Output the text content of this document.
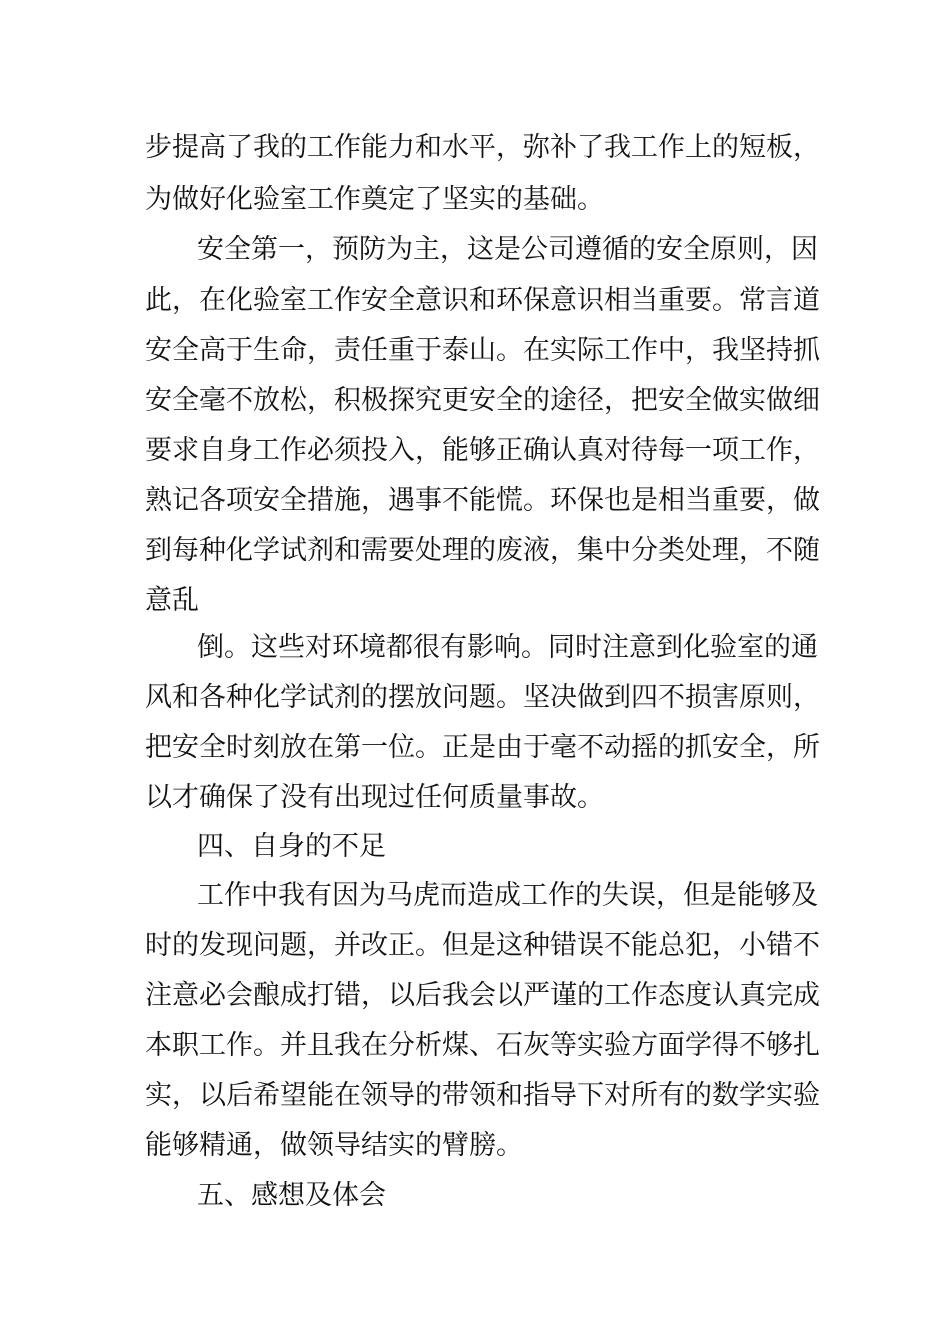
步提高了我的工作能力和水平，弥补了我工作上的短板，
为做好化验室工作奠定了坚实的基础。
安全第一，预防为主，这是公司遵循的安全原则，因
此，在化验室工作安全意识和环保意识相当重要。常言道
安全高于生命，责任重于泰山。在实际工作中，我坚持抓
安全毫不放松，积极探究更安全的途径，把安全做实做细
要求自身工作必须投入，能够正确认真对待每一项工作，
熟记各项安全措施，遇事不能慌。环保也是相当重要，做
到每种化学试剂和需要处理的废液，集中分类处理，不随
意乱
倒。这些对环境都很有影响。同时注意到化验室的通
风和各种化学试剂的摆放问题。坚决做到四不损害原则，
把安全时刻放在第一位。正是由于毫不动摇的抓安全，所
以才确保了没有出现过任何质量事故。
四、自身的不足
工作中我有因为马虎而造成工作的失误，但是能够及
时的发现问题，并改正。但是这种错误不能总犯，小错不
注意必会酿成打错，以后我会以严谨的工作态度认真完成
本职工作。并且我在分析煤、石灰等实验方面学得不够扎
实，以后希望能在领导的带领和指导下对所有的数学实验
能够精通，做领导结实的臂膀。
五、感想及体会
